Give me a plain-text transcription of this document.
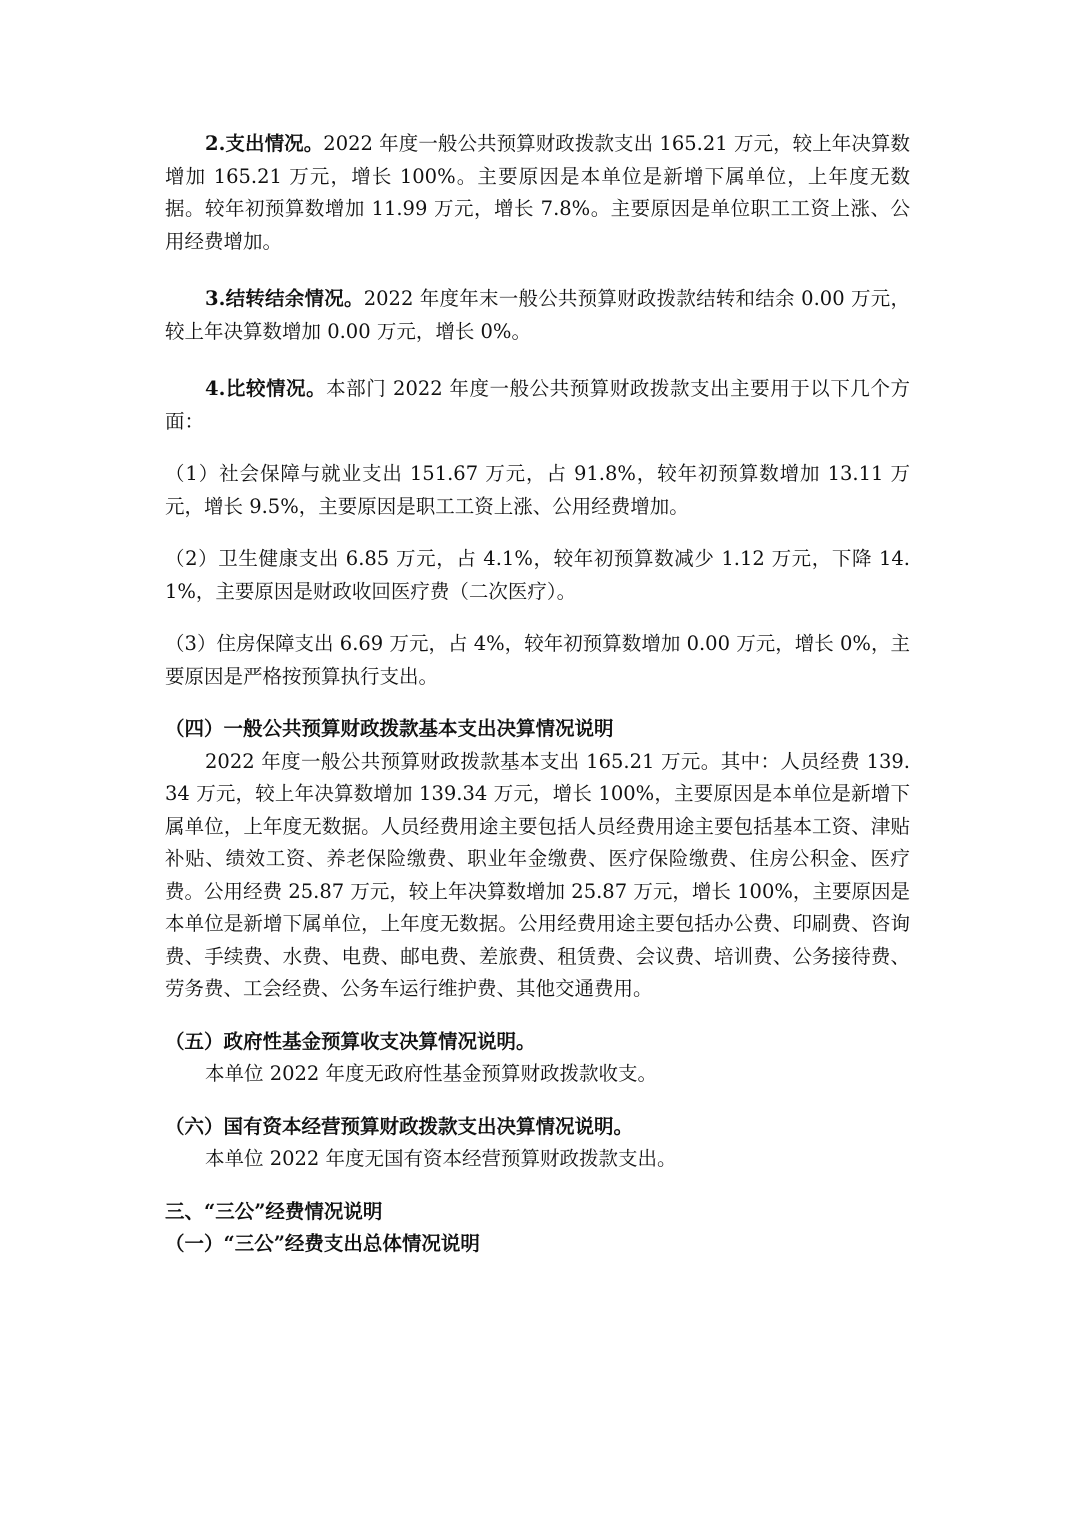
2.支出情况。2022 年度一般公共预算财政拨款支出 165.21 万元，较上年决算数增加 165.21 万元，增长 100%。主要原因是本单位是新增下属单位，上年度无数据。较年初预算数增加 11.99 万元，增长 7.8%。主要原因是单位职工工资上涨、公用经费增加。

3.结转结余情况。2022 年度年末一般公共预算财政拨款结转和结余 0.00 万元，较上年决算数增加 0.00 万元，增长 0%。

4.比较情况。本部门 2022 年度一般公共预算财政拨款支出主要用于以下几个方面：

（1）社会保障与就业支出 151.67 万元，占 91.8%，较年初预算数增加 13.11 万元，增长 9.5%，主要原因是职工工资上涨、公用经费增加。

（2）卫生健康支出 6.85 万元，占 4.1%，较年初预算数减少 1.12 万元，下降 14.1%，主要原因是财政收回医疗费（二次医疗）。

（3）住房保障支出 6.69 万元，占 4%，较年初预算数增加 0.00 万元，增长 0%，主要原因是严格按预算执行支出。

（四）一般公共预算财政拨款基本支出决算情况说明

2022 年度一般公共预算财政拨款基本支出 165.21 万元。其中：人员经费 139.34 万元，较上年决算数增加 139.34 万元，增长 100%，主要原因是本单位是新增下属单位，上年度无数据。人员经费用途主要包括人员经费用途主要包括基本工资、津贴补贴、绩效工资、养老保险缴费、职业年金缴费、医疗保险缴费、住房公积金、医疗费。公用经费 25.87 万元，较上年决算数增加 25.87 万元，增长 100%，主要原因是本单位是新增下属单位，上年度无数据。公用经费用途主要包括办公费、印刷费、咨询费、手续费、水费、电费、邮电费、差旅费、租赁费、会议费、培训费、公务接待费、劳务费、工会经费、公务车运行维护费、其他交通费用。

（五）政府性基金预算收支决算情况说明。

本单位 2022 年度无政府性基金预算财政拨款收支。

（六）国有资本经营预算财政拨款支出决算情况说明。

本单位 2022 年度无国有资本经营预算财政拨款支出。

三、“三公”经费情况说明

（一）“三公”经费支出总体情况说明
